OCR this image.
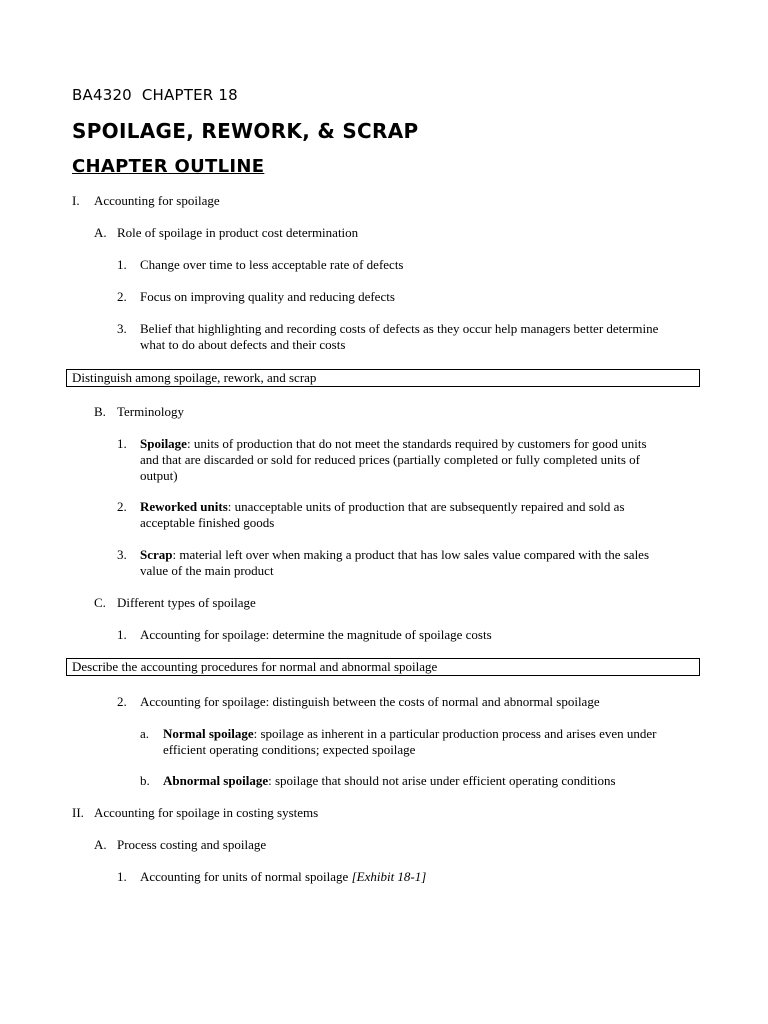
BA4320  CHAPTER 18
SPOILAGE, REWORK, & SCRAP
CHAPTER OUTLINE
I. Accounting for spoilage
A. Role of spoilage in product cost determination
1. Change over time to less acceptable rate of defects
2. Focus on improving quality and reducing defects
3. Belief that highlighting and recording costs of defects as they occur help managers better determine
what to do about defects and their costs
Distinguish among spoilage, rework, and scrap
B. Terminology
1. Spoilage: units of production that do not meet the standards required by customers for good units
and that are discarded or sold for reduced prices (partially completed or fully completed units of
output)
2. Reworked units: unacceptable units of production that are subsequently repaired and sold as
acceptable finished goods
3. Scrap: material left over when making a product that has low sales value compared with the sales
value of the main product
C. Different types of spoilage
1. Accounting for spoilage: determine the magnitude of spoilage costs
Describe the accounting procedures for normal and abnormal spoilage
2. Accounting for spoilage: distinguish between the costs of normal and abnormal spoilage
a. Normal spoilage: spoilage as inherent in a particular production process and arises even under
efficient operating conditions; expected spoilage
b. Abnormal spoilage: spoilage that should not arise under efficient operating conditions
II. Accounting for spoilage in costing systems
A. Process costing and spoilage
1. Accounting for units of normal spoilage [Exhibit 18-1]
